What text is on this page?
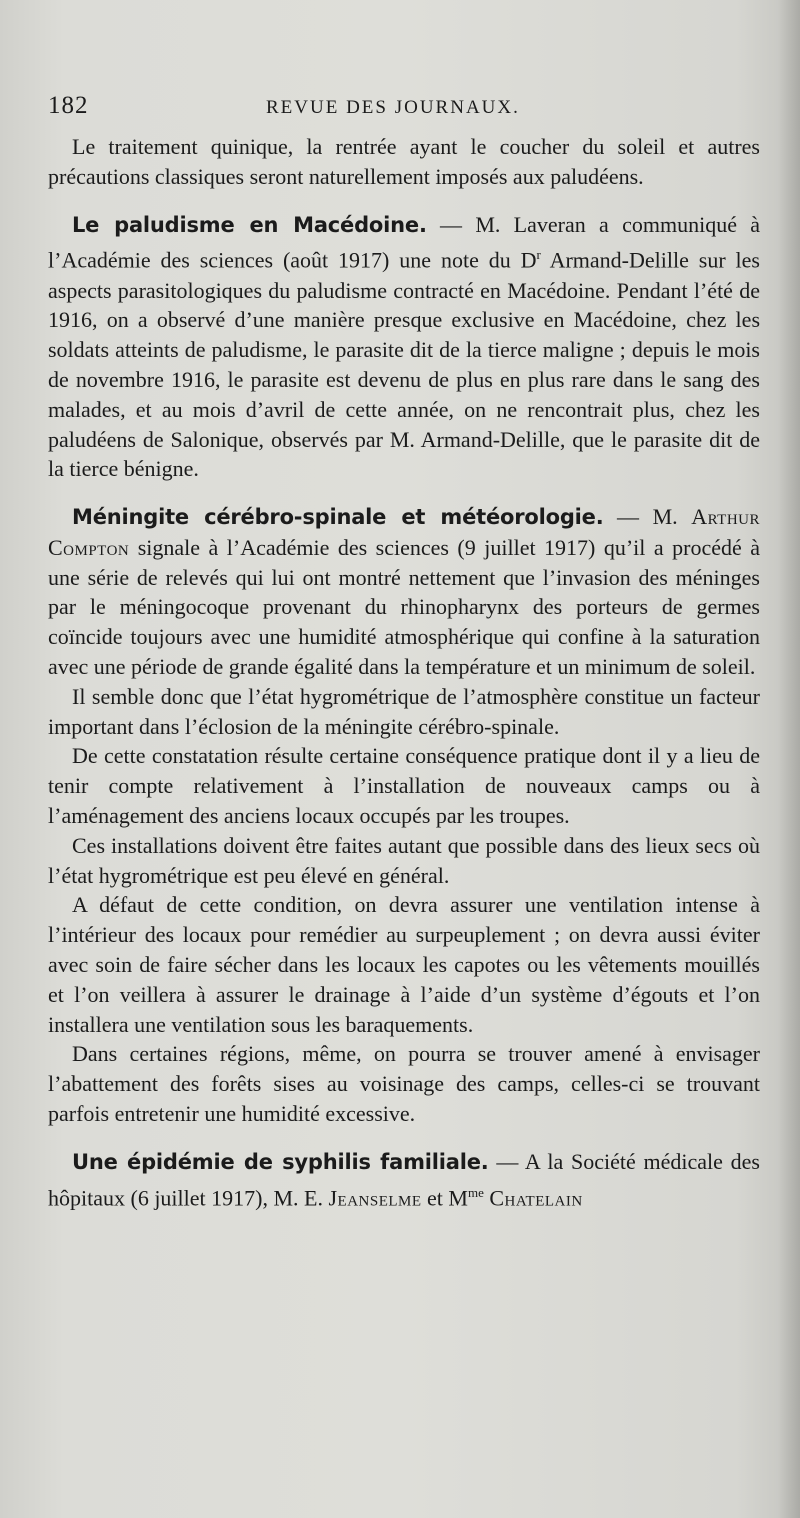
182	REVUE DES JOURNAUX.

Le traitement quinique, la rentrée ayant le coucher du soleil et autres précautions classiques seront naturellement imposés aux paludéens.

Le paludisme en Macédoine. — M. Laveran a communiqué à l’Académie des sciences (août 1917) une note du $D^r$ Armand-Delille sur les aspects parasitologiques du paludisme contracté en Macédoine. Pendant l’été de 1916, on a observé d’une manière presque exclusive en Macédoine, chez les soldats atteints de paludisme, le parasite dit de la tierce maligne ; depuis le mois de novembre 1916, le parasite est devenu de plus en plus rare dans le sang des malades, et au mois d’avril de cette année, on ne rencontrait plus, chez les paludéens de Salonique, observés par M. Armand-Delille, que le parasite dit de la tierce bénigne.

Méningite cérébro-spinale et météorologie. — M. Arthur Compton signale à l’Académie des sciences (9 juillet 1917) qu’il a procédé à une série de relevés qui lui ont montré nettement que l’invasion des méninges par le méningocoque provenant du rhinopharynx des porteurs de germes coïncide toujours avec une humidité atmosphérique qui confine à la saturation avec une période de grande égalité dans la température et un minimum de soleil.

Il semble donc que l’état hygrométrique de l’atmosphère constitue un facteur important dans l’éclosion de la méningite cérébro-spinale.

De cette constatation résulte certaine conséquence pratique dont il y a lieu de tenir compte relativement à l’installation de nouveaux camps ou à l’aménagement des anciens locaux occupés par les troupes.

Ces installations doivent être faites autant que possible dans des lieux secs où l’état hygrométrique est peu élevé en général.

A défaut de cette condition, on devra assurer une ventilation intense à l’intérieur des locaux pour remédier au surpeuplement ; on devra aussi éviter avec soin de faire sécher dans les locaux les capotes ou les vêtements mouillés et l’on veillera à assurer le drainage à l’aide d’un système d’égouts et l’on installera une ventilation sous les baraquements.

Dans certaines régions, même, on pourra se trouver amené à envisager l’abattement des forêts sises au voisinage des camps, celles-ci se trouvant parfois entretenir une humidité excessive.

Une épidémie de syphilis familiale. — A la Société médicale des hôpitaux (6 juillet 1917), M. E. Jeanselme et $M^{me}$ Chatelain
